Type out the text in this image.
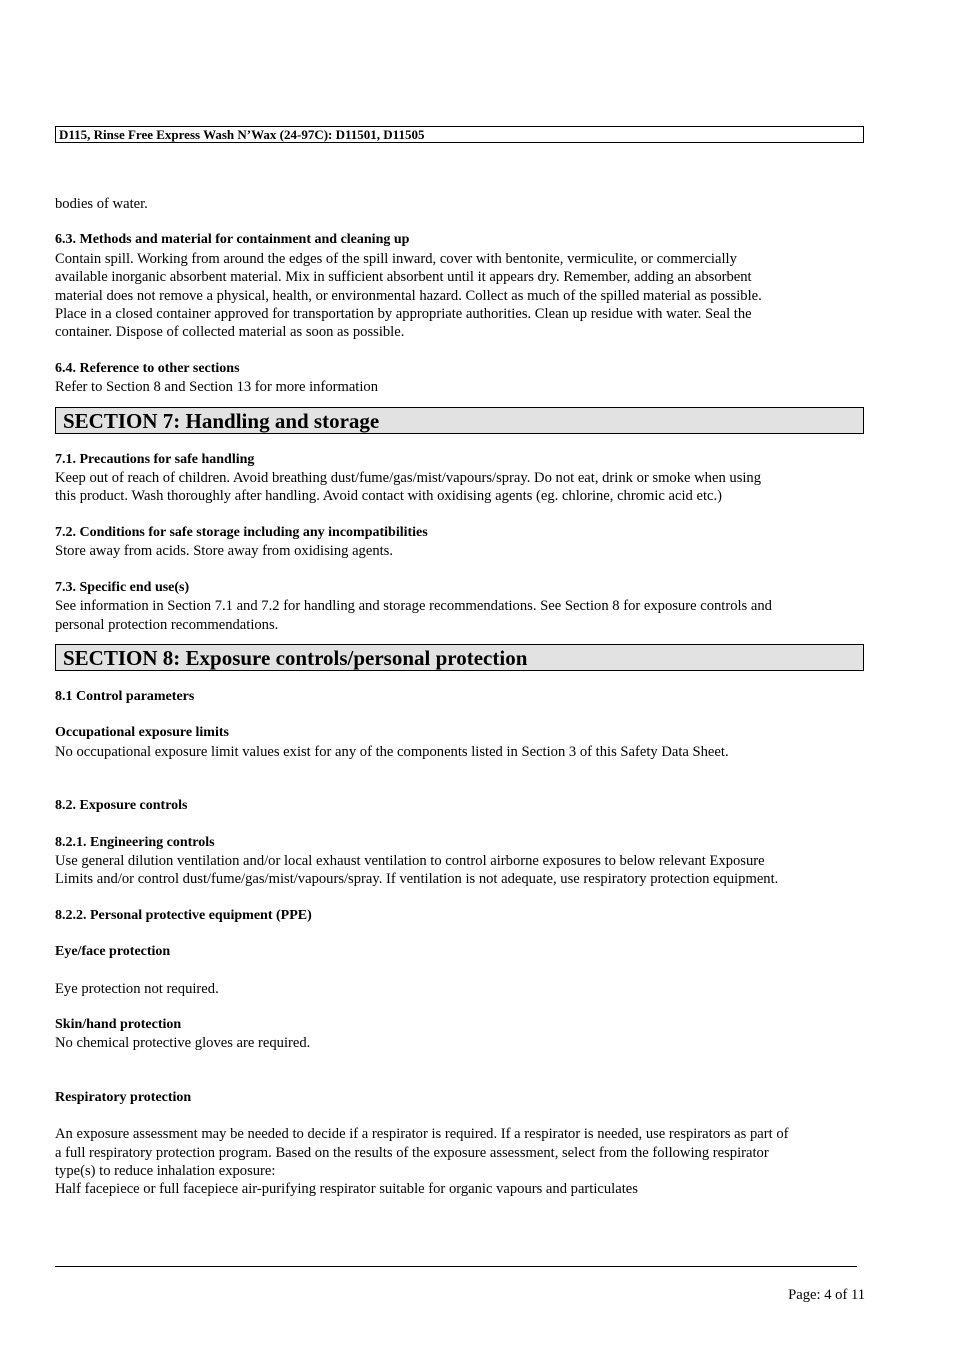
D115, Rinse Free Express Wash N’Wax (24-97C): D11501, D11505

bodies of water.

6.3. Methods and material for containment and cleaning up

Contain spill. Working from around the edges of the spill inward, cover with bentonite, vermiculite, or commercially

available inorganic absorbent material. Mix in sufficient absorbent until it appears dry. Remember, adding an absorbent

material does not remove a physical, health, or environmental hazard. Collect as much of the spilled material as possible.

Place in a closed container approved for transportation by appropriate authorities. Clean up residue with water. Seal the

container. Dispose of collected material as soon as possible.

6.4. Reference to other sections

Refer to Section 8 and Section 13 for more information

SECTION 7: Handling and storage

7.1. Precautions for safe handling

Keep out of reach of children. Avoid breathing dust/fume/gas/mist/vapours/spray. Do not eat, drink or smoke when using

this product. Wash thoroughly after handling. Avoid contact with oxidising agents (eg. chlorine, chromic acid etc.)

7.2. Conditions for safe storage including any incompatibilities

Store away from acids. Store away from oxidising agents.

7.3. Specific end use(s)

See information in Section 7.1 and 7.2 for handling and storage recommendations. See Section 8 for exposure controls and

personal protection recommendations.

SECTION 8: Exposure controls/personal protection

8.1 Control parameters

Occupational exposure limits

No occupational exposure limit values exist for any of the components listed in Section 3 of this Safety Data Sheet.

8.2. Exposure controls

8.2.1. Engineering controls

Use general dilution ventilation and/or local exhaust ventilation to control airborne exposures to below relevant Exposure

Limits and/or control dust/fume/gas/mist/vapours/spray. If ventilation is not adequate, use respiratory protection equipment.

8.2.2. Personal protective equipment (PPE)

Eye/face protection

Eye protection not required.

Skin/hand protection

No chemical protective gloves are required.

Respiratory protection

An exposure assessment may be needed to decide if a respirator is required. If a respirator is needed, use respirators as part of

a full respiratory protection program. Based on the results of the exposure assessment, select from the following respirator

type(s) to reduce inhalation exposure:

Half facepiece or full facepiece air-purifying respirator suitable for organic vapours and particulates

Page: 4 of 11
